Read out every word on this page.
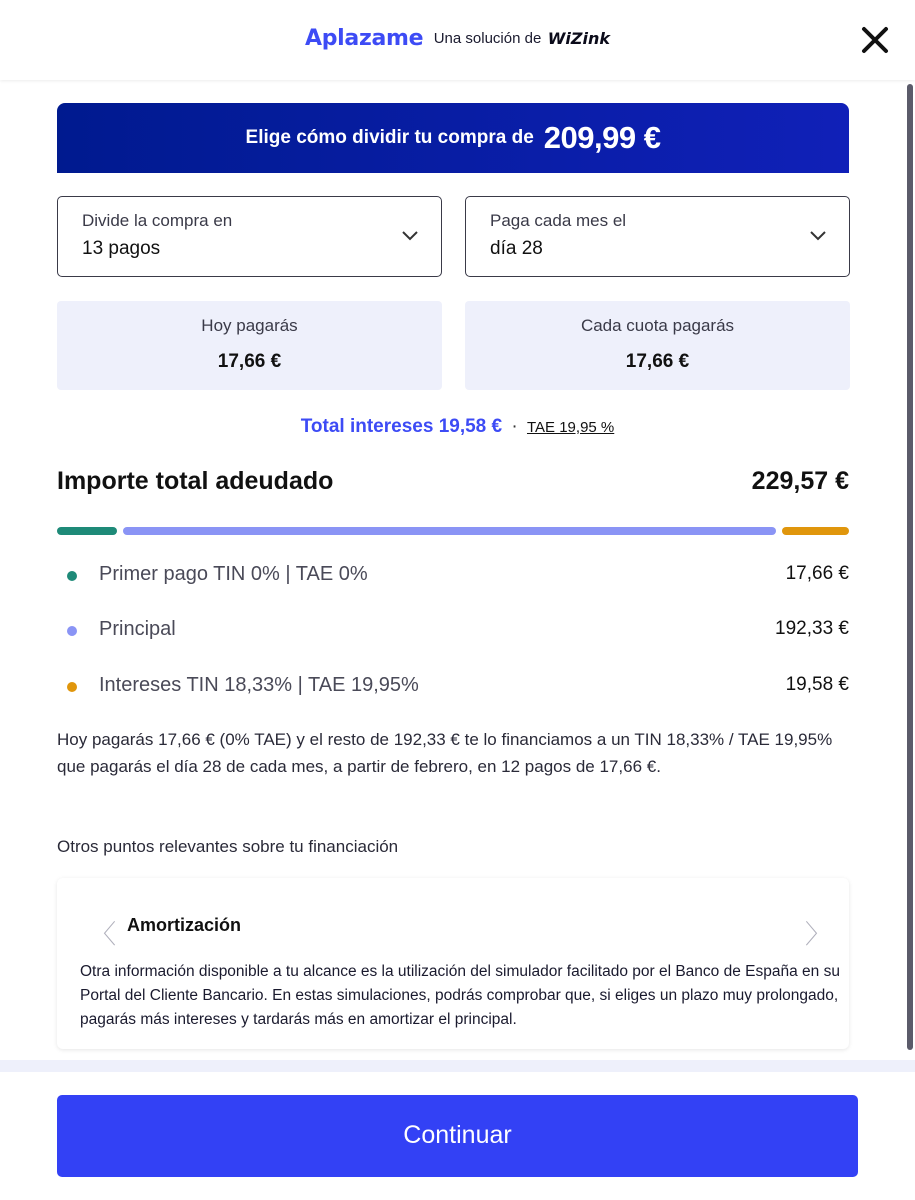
Aplazame Una solución de WiZink
Elige cómo dividir tu compra de 209,99 €
Divide la compra en
13 pagos
Paga cada mes el
día 28
Hoy pagarás
17,66 €
Cada cuota pagarás
17,66 €
Total intereses 19,58 € · TAE 19,95 %
Importe total adeudado	229,57 €
Primer pago TIN 0% | TAE 0%	17,66 €
Principal	192,33 €
Intereses TIN 18,33% | TAE 19,95%	19,58 €

Hoy pagarás 17,66 € (0% TAE) y el resto de 192,33 € te lo financiamos a un TIN 18,33% / TAE 19,95% que pagarás el día 28 de cada mes, a partir de febrero, en 12 pagos de 17,66 €.

Otros puntos relevantes sobre tu financiación

〈 Amortización	〉

Otra información disponible a tu alcance es la utilización del simulador facilitado por el Banco de España en su Portal del Cliente Bancario. En estas simulaciones, podrás comprobar que, si eliges un plazo muy prolongado, pagarás más intereses y tardarás más en amortizar el principal.

Continuar
